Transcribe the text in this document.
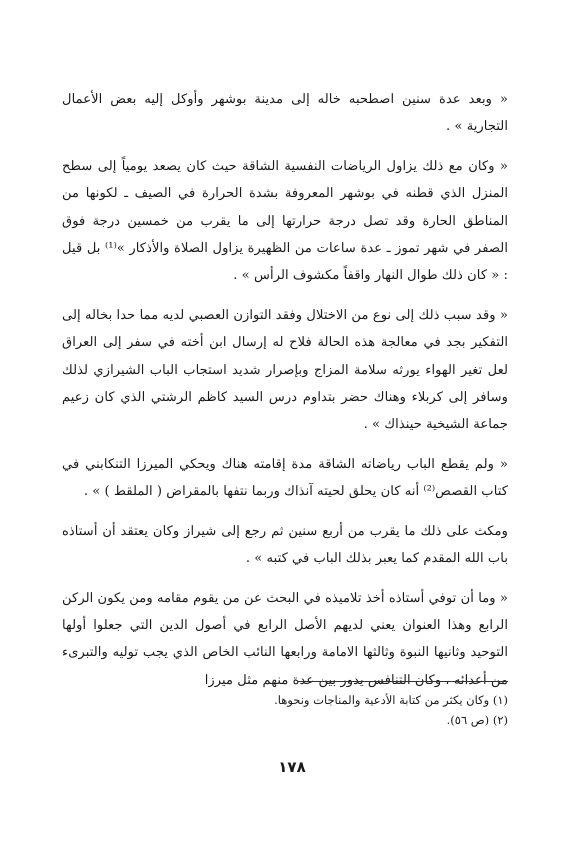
« وبعد عدة سنين اصطحبه خاله إلى مدينة بوشهر وأوكل إليه بعض الأعمال التجارية » .

« وكان مع ذلك يزاول الرياضات النفسية الشاقة حيث كان يصعد يومياً إلى سطح المنزل الذي قطنه في بوشهر المعروفة بشدة الحرارة في الصيف ـ لكونها من المناطق الحارة وقد تصل درجة حرارتها إلى ما يقرب من خمسين درجة فوق الصفر في شهر تموز ـ عدة ساعات من الظهيرة يزاول الصلاة والأذكار »⁽¹⁾ بل قيل : « كان ذلك طوال النهار واقفاً مكشوف الرأس » .

« وقد سبب ذلك إلى نوع من الاختلال وفقد التوازن العصبي لديه مما حدا بخاله إلى التفكير بجد في معالجة هذه الحالة فلاح له إرسال ابن أخته في سفر إلى العراق لعل تغير الهواء يورثه سلامة المزاج وبإصرار شديد استجاب الباب الشيرازي لذلك وسافر إلى كربلاء وهناك حضر بتداوم درس السيد كاظم الرشتي الذي كان زعيم جماعة الشيخية حينذاك » .

« ولم يقطع الباب رياضاته الشاقة مدة إقامته هناك ويحكي الميرزا التنكابني في كتاب القصص⁽²⁾ أنه كان يحلق لحيته آنذاك وربما نتفها بالمقراض ( الملقط ) » .

ومكث على ذلك ما يقرب من أربع سنين ثم رجع إلى شيراز وكان يعتقد أن أستاذه باب الله المقدم كما يعبر بذلك الباب في كتبه » .

« وما أن توفي أستاذه أخذ تلاميذه في البحث عن من يقوم مقامه ومن يكون الركن الرابع وهذا العنوان يعني لديهم الأصل الرابع في أصول الدين التي جعلوا أولها التوحيد وثانيها النبوة وثالثها الامامة ورابعها النائب الخاص الذي يجب توليه والتبرىء من أعدائه ، وكان التنافس يدور بين عدة منهم مثل ميرزا

(١) وكان يكثر من كتابة الأدعية والمناجات ونحوها.

(٢) (ص ٥٦).

١٧٨
